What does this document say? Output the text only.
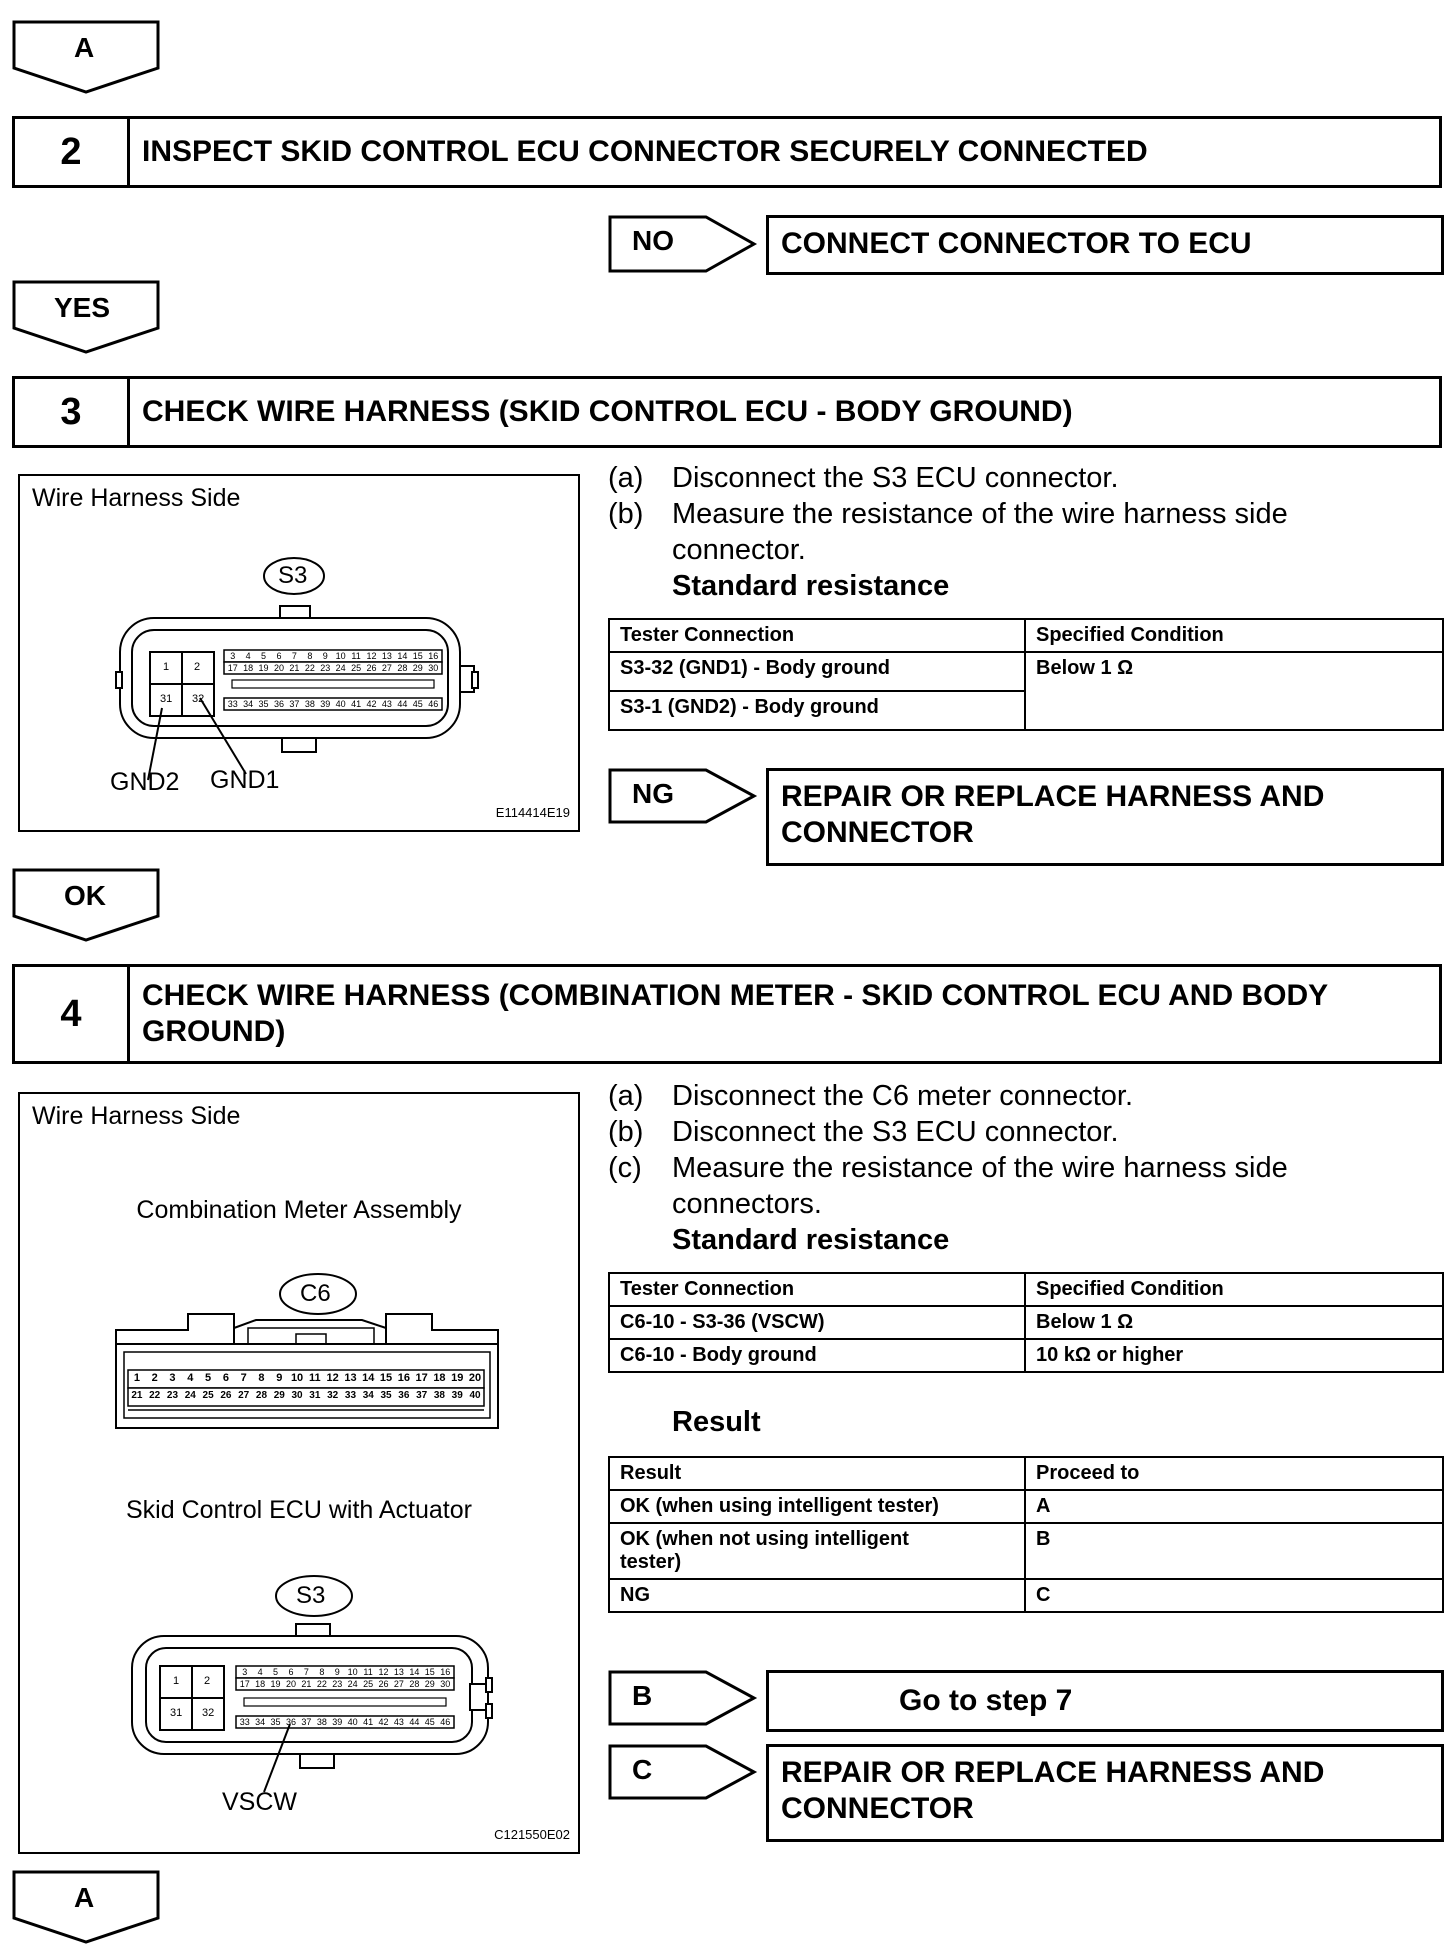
A
2	INSPECT SKID CONTROL ECU CONNECTOR SECURELY CONNECTED
NO	CONNECT CONNECTOR TO ECU
YES
3	CHECK WIRE HARNESS (SKID CONTROL ECU - BODY GROUND)
Wire Harness Side
S3
1 2
31 32
3	4	5	6	7	8	9 10 11 12 13 14 15 16
17 18 19 20 21 22 23 24 25 26 27 28 29 30
33 34 35 36 37 38 39 40 41 42 43 44 45 46
GND2 GND1
E114414E19
(a) Disconnect the S3 ECU connector.
(b) Measure the resistance of the wire harness side connector.
Standard resistance
Tester Connection	Specified Condition
S3-32 (GND1) - Body ground	Below 1 Ω
S3-1 (GND2) - Body ground	
NG	REPAIR OR REPLACE HARNESS AND CONNECTOR
OK
4	CHECK WIRE HARNESS (COMBINATION METER - SKID CONTROL ECU AND BODY GROUND)
Wire Harness Side
Combination Meter Assembly
C6
1	2	3	4	5	6	7	8	9 10 11 12 13 14 15 16 17 18 19 20
21 22 23 24 25 26 27 28 29 30 31 32 33 34 35 36 37 38 39 40
Skid Control ECU with Actuator
S3
1 2
31 32
3	4	5	6	7	8	9 10 11 12 13 14 15 16
17 18 19 20 21 22 23 24 25 26 27 28 29 30
33 34 35 36 37 38 39 40 41 42 43 44 45 46
VSCW
C121550E02
(a) Disconnect the C6 meter connector.
(b) Disconnect the S3 ECU connector.
(c)	Measure the resistance of the wire harness side connectors.
Standard resistance
Tester Connection	Specified Condition
C6-10 - S3-36 (VSCW)	Below 1 Ω
C6-10 - Body ground	10 kΩ or higher
Result
Result	Proceed to
OK (when using intelligent tester)	A
OK (when not using intelligent tester)	B
NG	C
B	Go to step 7
C	REPAIR OR REPLACE HARNESS AND CONNECTOR
A
